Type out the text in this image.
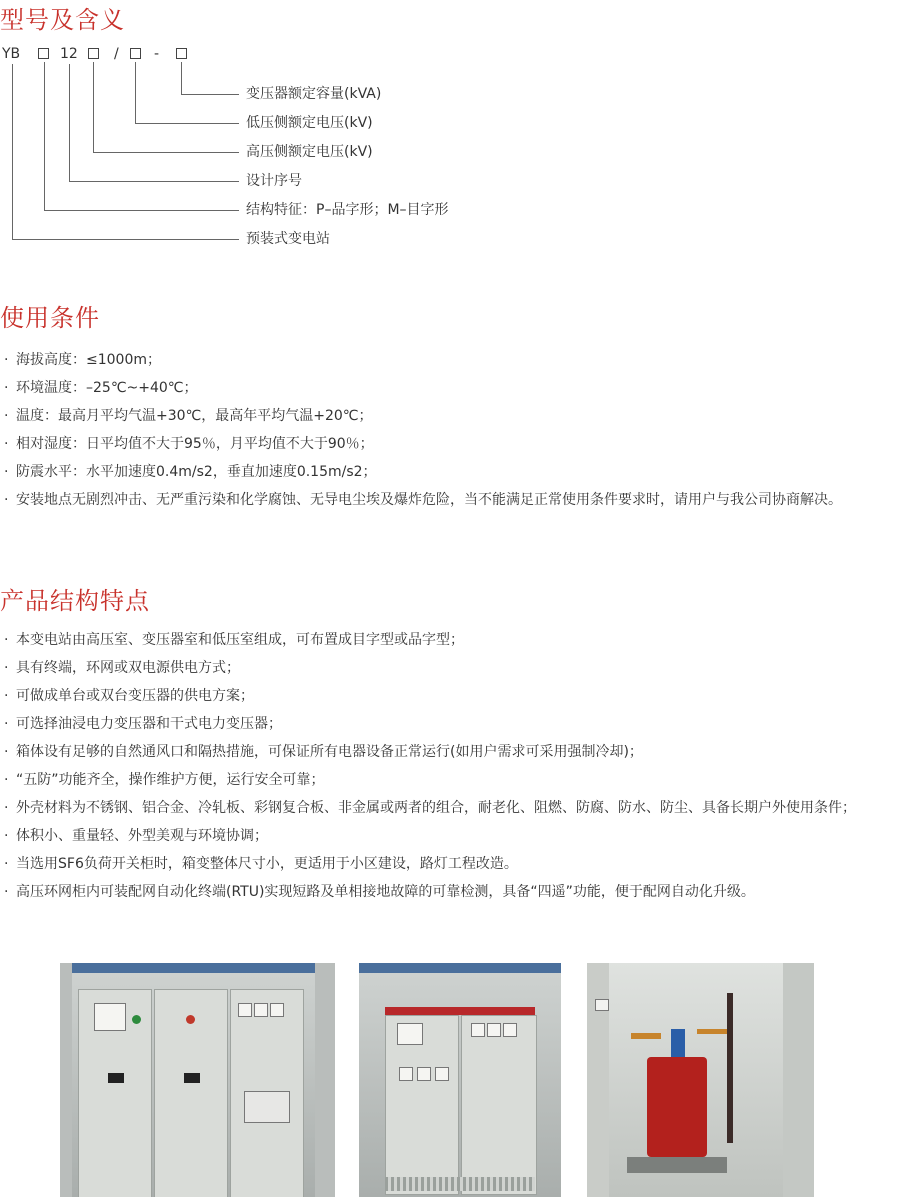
型号及含义
YB	12	/	-
变压器额定容量(kVA)
低压侧额定电压(kV)
高压侧额定电压(kV)
设计序号
结构特征：P–品字形；M–目字形
预装式变电站
使用条件
· 海拔高度：≤1000m；
· 环境温度：–25℃~+40℃；
· 温度：最高月平均气温+30℃，最高年平均气温+20℃；
· 相对湿度：日平均值不大于95％，月平均值不大于90％；
· 防震水平：水平加速度0.4m/s2，垂直加速度0.15m/s2；
· 安装地点无剧烈冲击、无严重污染和化学腐蚀、无导电尘埃及爆炸危险，当不能满足正常使用条件要求时，请用户与我公司协商解决。
产品结构特点
· 本变电站由高压室、变压器室和低压室组成，可布置成目字型或品字型；
· 具有终端，环网或双电源供电方式；
· 可做成单台或双台变压器的供电方案；
· 可选择油浸电力变压器和干式电力变压器；
· 箱体设有足够的自然通风口和隔热措施，可保证所有电器设备正常运行(如用户需求可采用强制冷却)；
· “五防”功能齐全，操作维护方便，运行安全可靠；
· 外壳材料为不锈钢、铝合金、冷轧板、彩钢复合板、非金属或两者的组合，耐老化、阻燃、防腐、防水、防尘、具备长期户外使用条件；
· 体积小、重量轻、外型美观与环境协调；
· 当选用SF6负荷开关柜时，箱变整体尺寸小，更适用于小区建设，路灯工程改造。
· 高压环网柜内可装配网自动化终端(RTU)实现短路及单相接地故障的可靠检测，具备“四遥”功能，便于配网自动化升级。
